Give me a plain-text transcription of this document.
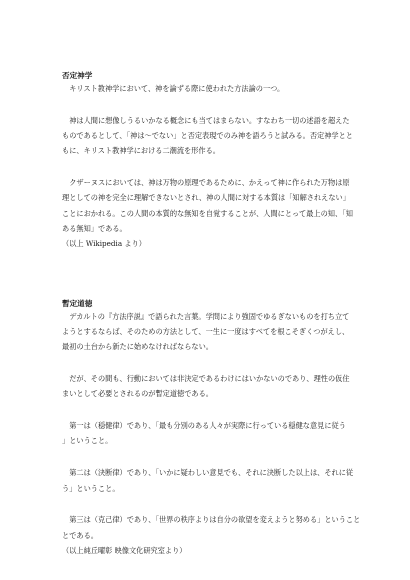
否定神学

　キリスト教神学において、神を論ずる際に使われた方法論の一つ。

　神は人間に想像しうるいかなる概念にも当てはまらない。すなわち一切の述語を超えた

ものであるとして、「神は～でない」と否定表現でのみ神を語ろうと試みる。否定神学とと

もに、キリスト教神学における二潮流を形作る。

　クザーヌスにおいては、神は万物の原理であるために、かえって神に作られた万物は原

理としての神を完全に理解できないとされ、神の人間に対する本質は「知解されえない」

ことにおかれる。この人間の本質的な無知を自覚することが、人間にとって最上の知、「知

ある無知」である。

（以上 Wikipedia より）

暫定道徳

　デカルトの『方法序説』で語られた言葉。学問により強固でゆるぎないものを打ち立て

ようとするならば、そのための方法として、一生に一度はすべてを根こそぎくつがえし、

最初の土台から新たに始めなければならない。

　だが、その間も、行動においては非決定であるわけにはいかないのであり、理性の仮住

まいとして必要とされるのが暫定道徳である。

　第一は（穏健律）であり、「最も分別のある人々が実際に行っている穏健な意見に従う

」ということ。

　第二は（決断律）であり、「いかに疑わしい意見でも、それに決断した以上は、それに従

う」ということ。

　第三は（克己律）であり、「世界の秩序よりは自分の欲望を変えようと努める」ということ

とである。

（以上純丘曜彰 映像文化研究室より）
